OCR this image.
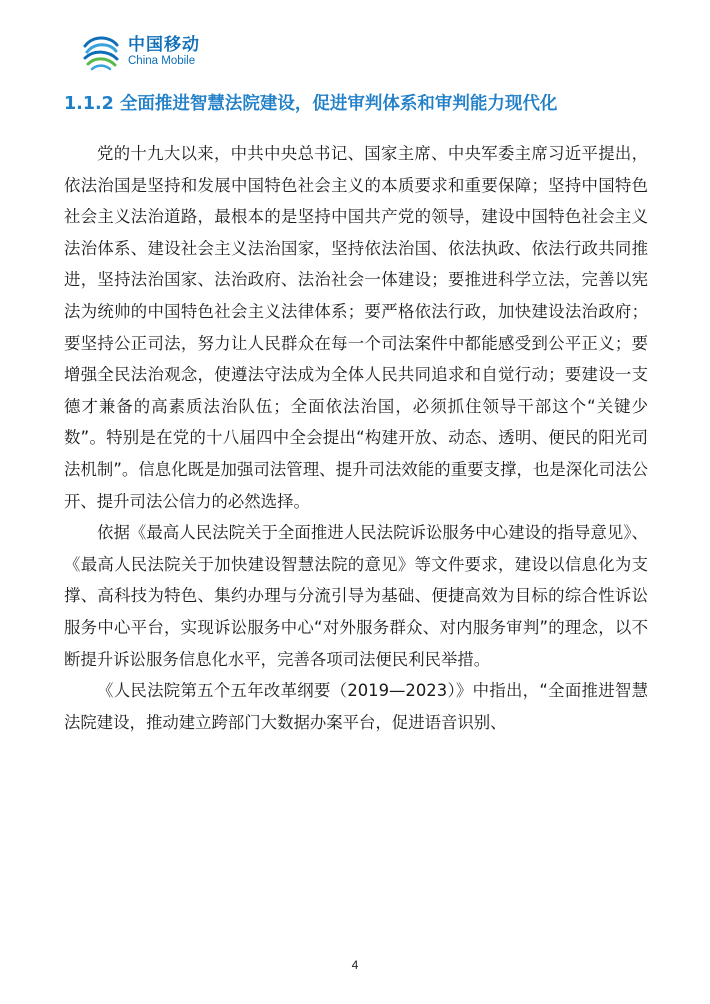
中国移动
China Mobile
1.1.2 全面推进智慧法院建设，促进审判体系和审判能力现代化

党的十九大以来，中共中央总书记、国家主席、中央军委主席习近平提出，依法治国是坚持和发展中国特色社会主义的本质要求和重要保障；坚持中国特色社会主义法治道路，最根本的是坚持中国共产党的领导，建设中国特色社会主义法治体系、建设社会主义法治国家，坚持依法治国、依法执政、依法行政共同推进，坚持法治国家、法治政府、法治社会一体建设；要推进科学立法，完善以宪法为统帅的中国特色社会主义法律体系；要严格依法行政，加快建设法治政府；要坚持公正司法，努力让人民群众在每一个司法案件中都能感受到公平正义；要增强全民法治观念，使遵法守法成为全体人民共同追求和自觉行动；要建设一支德才兼备的高素质法治队伍；全面依法治国，必须抓住领导干部这个“关键少数”。特别是在党的十八届四中全会提出“构建开放、动态、透明、便民的阳光司法机制”。信息化既是加强司法管理、提升司法效能的重要支撑，也是深化司法公开、提升司法公信力的必然选择。

依据《最高人民法院关于全面推进人民法院诉讼服务中心建设的指导意见》、《最高人民法院关于加快建设智慧法院的意见》等文件要求，建设以信息化为支撑、高科技为特色、集约办理与分流引导为基础、便捷高效为目标的综合性诉讼服务中心平台，实现诉讼服务中心“对外服务群众、对内服务审判”的理念，以不断提升诉讼服务信息化水平，完善各项司法便民利民举措。

《人民法院第五个五年改革纲要（2019—2023）》中指出，“全面推进智慧法院建设，推动建立跨部门大数据办案平台，促进语音识别、

4
